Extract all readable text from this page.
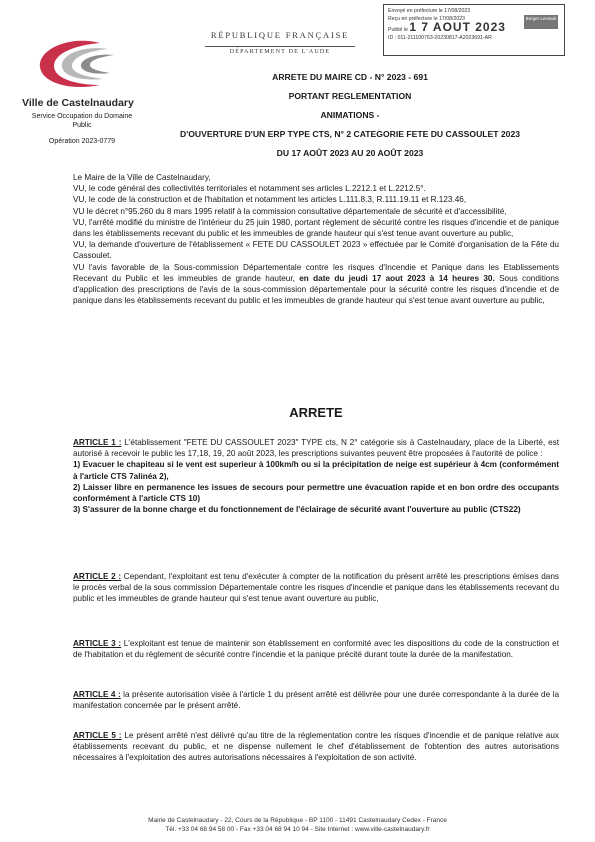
Ville de Castelnaudary
Service Occupation du Domaine Public
Opération 2023-0779
RÉPUBLIQUE FRANÇAISE
DÉPARTEMENT DE L'AUDE
Envoyé en préfecture le 17/08/2023
Reçu en préfecture le 17/08/2023
Publié le 1 7 AOUT 2023
ID : 011-211100763-20230817-A2023691-AR
Berger Levrault
ARRETE DU MAIRE CD - N° 2023 - 691
PORTANT REGLEMENTATION
ANIMATIONS -
D'OUVERTURE D'UN ERP TYPE CTS, N° 2 CATEGORIE FETE DU CASSOULET 2023
DU 17 AOÛT 2023 AU 20 AOÛT 2023

Le Maire de la Ville de Castelnaudary,

VU, le code général des collectivités territoriales et notamment ses articles L.2212.1 et L.2212.5°.

VU, le code de la construction et de l'habitation et notamment les articles L.111.8.3, R.111.19.11 et R.123.46,

VU le décret n°95.260 du 8 mars 1995 relatif à la commission consultative départementale de sécurité et d'accessibilité,

VU, l'arrêté modifié du ministre de l'intérieur du 25 juin 1980, portant règlement de sécurité contre les risques d'incendie et de panique dans les établissements recevant du public et les immeubles de grande hauteur qui s'est tenue avant ouverture au public,

VU, la demande d'ouverture de l'établissement « FETE DU CASSOULET 2023 » effectuée par le Comité d'organisation de la Fête du Cassoulet.

VU l'avis favorable de la Sous-commission Départementale contre les risques d'Incendie et Panique dans les Etablissements Recevant du Public et les immeubles de grande hauteur, en date du jeudi 17 aout 2023 à 14 heures 30. Sous conditions d'application des prescriptions de l'avis de la sous-commission départementale pour la sécurité contre les risques d'incendie et de panique dans les établissements recevant du public et les immeubles de grande hauteur qui s'est tenue avant ouverture au public,

ARRETE

ARTICLE 1 : L'établissement "FETE DU CASSOULET 2023" TYPE cts, N 2° catégorie sis à Castelnaudary, place de la Liberté, est autorisé à recevoir le public les 17,18, 19, 20 août 2023, les prescriptions suivantes peuvent être proposées à l'autorité de police :

1) Evacuer le chapiteau si le vent est superieur à 100km/h ou si la précipitation de neige est supérieur à 4cm (conformément à l'article CTS 7alinéa 2),

2) Laisser libre en permanence les issues de secours pour permettre une évacuation rapide et en bon ordre des occupants conformément à l'article CTS 10)

3) S'assurer de la bonne charge et du fonctionnement de l'éclairage de sécurité avant l'ouverture au public (CTS22)

ARTICLE 2 : Cependant, l'exploitant est tenu d'exécuter à compter de la notification du présent arrêté les prescriptions émises dans le procès verbal de la sous commission Départementale contre les risques d'incendie et panique dans les établissements recevant du public et les immeubles de grande hauteur qui s'est tenue avant ouverture au public,

ARTICLE 3 : L'exploitant est tenue de maintenir son établissement en conformité avec les dispositions du code de la construction et de l'habitation et du règlement de sécurité contre l'incendie et la panique précité durant toute la durée de la manifestation.

ARTICLE 4 : la présente autorisation visée à l'article 1 du présent arrêté est délivrée pour une durée correspondante à la durée de la manifestation concernée par le présent arrêté.

ARTICLE 5 : Le présent arrêté n'est délivré qu'au titre de la réglementation contre les risques d'incendie et de panique relative aux établissements recevant du public, et ne dispense nullement le chef d'établissement de l'obtention des autres autorisations nécessaires à l'exploitation des autres autorisations nécessaires à l'exploitation de son activité.

Mairie de Castelnaudary - 22, Cours de la République - BP 1100 - 11491 Castelnaudary Cedex - France
Tél. +33 04 68 94 58 00 - Fax +33 04 68 94 10 94 - Site Internet : www.ville-castelnaudary.fr
